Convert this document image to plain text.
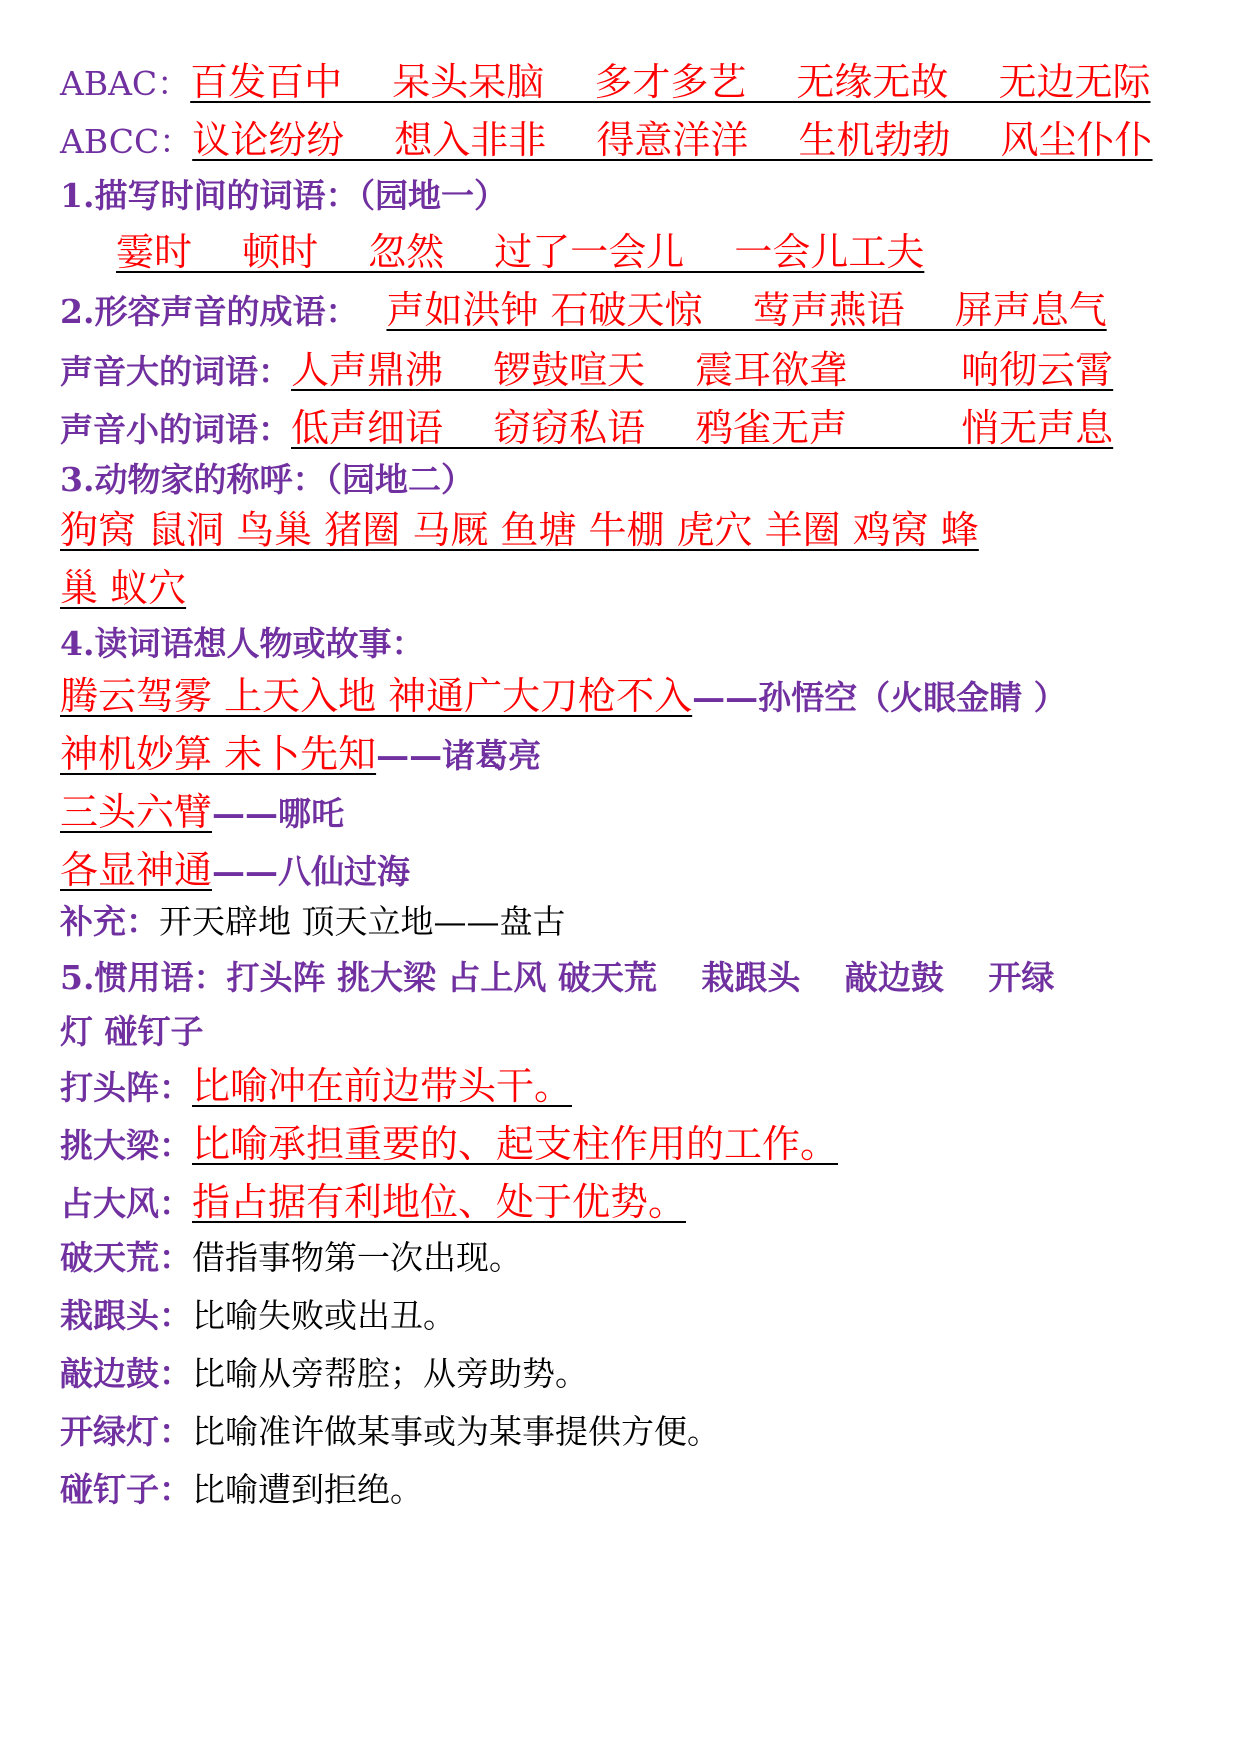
ABAC：百发百中　 呆头呆脑　 多才多艺　 无缘无故　 无边无际
ABCC：议论纷纷　 想入非非　 得意洋洋　 生机勃勃　 风尘仆仆
1.描写时间的词语：（园地一）
霎时　 顿时　 忽然　 过了一会儿　 一会儿工夫
2.形容声音的成语： 声如洪钟 石破天惊　 莺声燕语　 屏声息气
声音大的词语：人声鼎沸　 锣鼓喧天　 震耳欲聋　　　响彻云霄
声音小的词语：低声细语　 窃窃私语　 鸦雀无声　　　悄无声息
3.动物家的称呼：（园地二）
狗窝 鼠洞 鸟巢 猪圈 马厩 鱼塘 牛棚 虎穴 羊圈 鸡窝 蜂
巢 蚁穴
4.读词语想人物或故事：
腾云驾雾 上天入地 神通广大刀枪不入——孙悟空（火眼金睛 ）
神机妙算 未卜先知——诸葛亮
三头六臂——哪吒
各显神通——八仙过海
补充：开天辟地 顶天立地——盘古
5.惯用语：打头阵 挑大梁 占上风 破天荒　 栽跟头　 敲边鼓　 开绿
灯 碰钉子
打头阵：比喻冲在前边带头干。
挑大梁：比喻承担重要的、起支柱作用的工作。
占大风：指占据有利地位、处于优势。
破天荒：借指事物第一次出现。
栽跟头：比喻失败或出丑。
敲边鼓：比喻从旁帮腔；从旁助势。
开绿灯：比喻准许做某事或为某事提供方便。
碰钉子：比喻遭到拒绝。
